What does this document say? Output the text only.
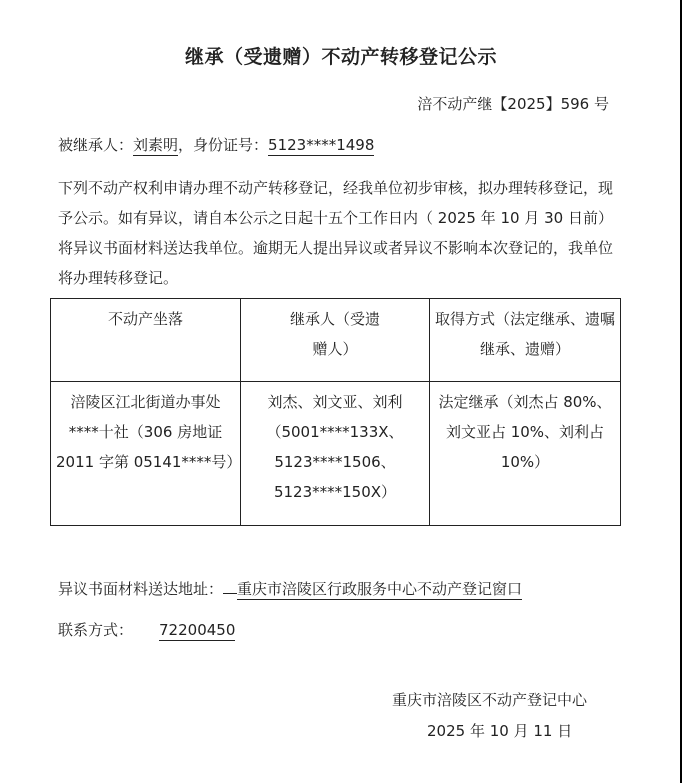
继承（受遗赠）不动产转移登记公示
涪不动产继【2025】596 号
被继承人：刘素明，身份证号：5123****1498
下列不动产权利申请办理不动产转移登记，经我单位初步审核，拟办理转移登记，现予公示。如有异议，请自本公示之日起十五个工作日内（ 2025 年 10 月 30 日前）将异议书面材料送达我单位。逾期无人提出异议或者异议不影响本次登记的，我单位将办理转移登记。
不动产坐落	继承人（受遗赠人）	取得方式（法定继承、遗嘱继承、遗赠）
涪陵区江北街道办事处****十社（306 房地证 2011 字第 05141****号）	刘杰、刘文亚、刘利（5001****133X、5123****1506、5123****150X）	法定继承（刘杰占 80%、刘文亚占 10%、刘利占 10%）
异议书面材料送达地址： 重庆市涪陵区行政服务中心不动产登记窗口
联系方式： 72200450
重庆市涪陵区不动产登记中心
2025 年 10 月 11 日
